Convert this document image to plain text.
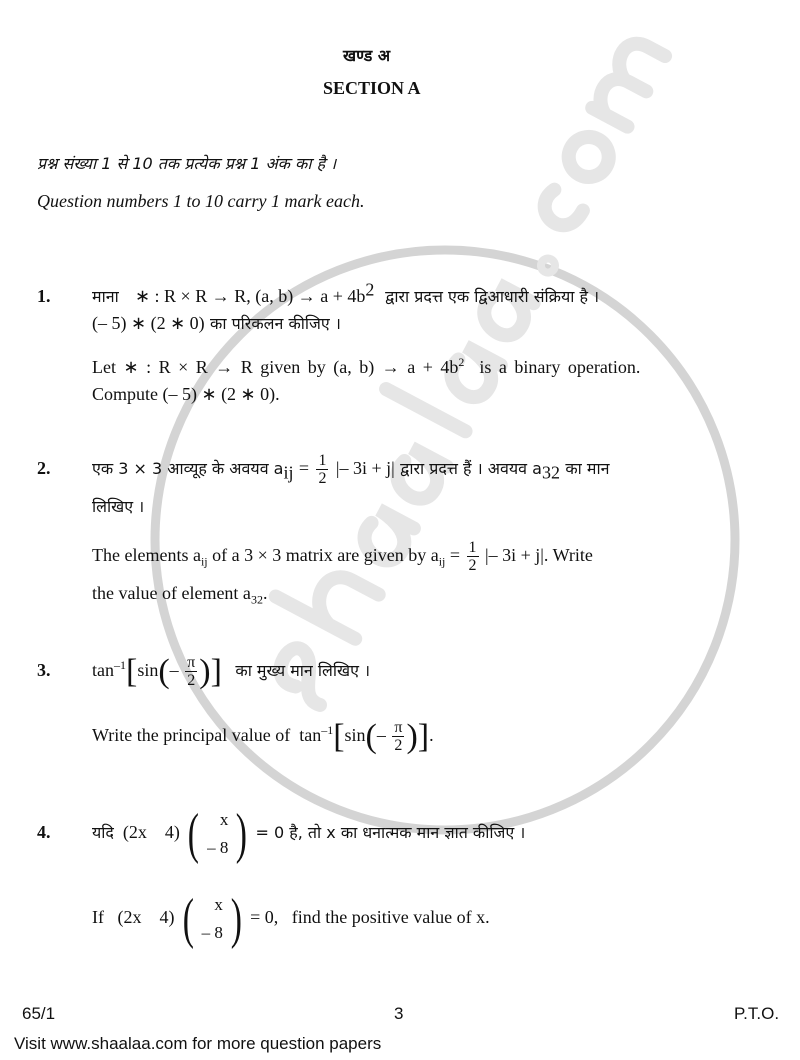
खण्ड अ
SECTION A
प्रश्न संख्या 1 से 10 तक प्रत्येक प्रश्न 1 अंक का है ।
Question numbers 1 to 10 carry 1 mark each.
1.	माना ∗ : R × R → R, (a, $b) \to a + 4b^2$ द्वारा प्रदत्त एक द्विआधारी संक्रिया है ।
(– 5) ∗ (2 ∗ 0) का परिकलन कीजिए ।
Let ∗ : R × R → R given by (a, $b) \to a + 4b^2$ is a binary operation.
Compute (– 5) ∗ (2 ∗ 0).
2.	एक 3 × 3 आव्यूह के अवयव $a_{ij} = \frac{1}{2}$ |– 3i + j| द्वारा प्रदत्त हैं । अवयव $a_{32}$ का मान
लिखिए ।
The elements $a_{ij}$ of a 3 × 3 matrix are given by $a_{ij} = \frac{1}{2}$ |– 3i + j|. Write
the value of element $a_{32}$.
3. $\tan^{-1}[\sin(- \frac{\pi}{2}$ )] का मुख्य मान लिखिए ।
Write the principal value of $\tan^{-1}[\sin(- \frac{\pi}{2}$ )].
4.	यदि (2x    4) ( x
– 8 ) = 0 है, तो x का धनात्मक मान ज्ञात कीजिए ।
If (2x    4) ( x
– 8 ) = 0,   find the positive value of x.
65/1	3	P.T.O.
Visit www.shaalaa.com for more question papers
